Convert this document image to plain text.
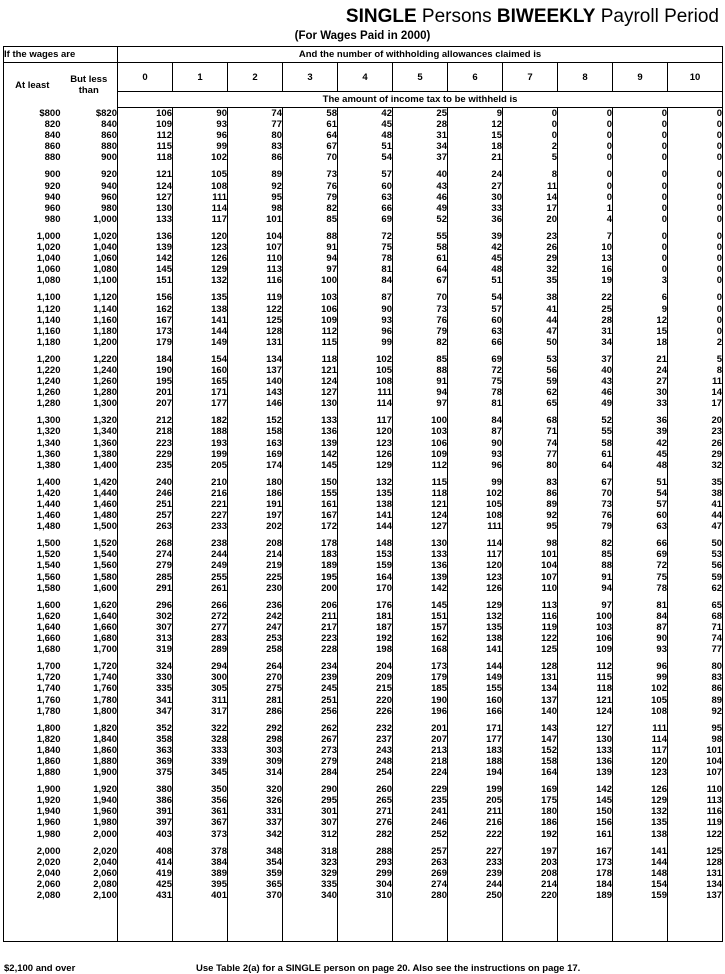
SINGLE Persons BIWEEKLY Payroll Period
(For Wages Paid in 2000)
If the wages are		And the number of withholding allowances claimed is										
At least	But less
than	0	1	2	3	4	5	6	7	8	9	10
		The amount of income tax to be withheld is										
$800	$820	106	90	74	58	42	25	9	0	0	0	0
820	840	109	93	77	61	45	28	12	0	0	0	0
840	860	112	96	80	64	48	31	15	0	0	0	0
860	880	115	99	83	67	51	34	18	2	0	0	0
880	900	118	102	86	70	54	37	21	5	0	0	0

900	920	121	105	89	73	57	40	24	8	0	0	0
920	940	124	108	92	76	60	43	27	11	0	0	0
940	960	127	111	95	79	63	46	30	14	0	0	0
960	980	130	114	98	82	66	49	33	17	1	0	0
980	1,000	133	117	101	85	69	52	36	20	4	0	0

1,000	1,020	136	120	104	88	72	55	39	23	7	0	0
1,020	1,040	139	123	107	91	75	58	42	26	10	0	0
1,040	1,060	142	126	110	94	78	61	45	29	13	0	0
1,060	1,080	145	129	113	97	81	64	48	32	16	0	0
1,080	1,100	151	132	116	100	84	67	51	35	19	3	0

1,100	1,120	156	135	119	103	87	70	54	38	22	6	0
1,120	1,140	162	138	122	106	90	73	57	41	25	9	0
1,140	1,160	167	141	125	109	93	76	60	44	28	12	0
1,160	1,180	173	144	128	112	96	79	63	47	31	15	0
1,180	1,200	179	149	131	115	99	82	66	50	34	18	2

1,200	1,220	184	154	134	118	102	85	69	53	37	21	5
1,220	1,240	190	160	137	121	105	88	72	56	40	24	8
1,240	1,260	195	165	140	124	108	91	75	59	43	27	11
1,260	1,280	201	171	143	127	111	94	78	62	46	30	14
1,280	1,300	207	177	146	130	114	97	81	65	49	33	17

1,300	1,320	212	182	152	133	117	100	84	68	52	36	20
1,320	1,340	218	188	158	136	120	103	87	71	55	39	23
1,340	1,360	223	193	163	139	123	106	90	74	58	42	26
1,360	1,380	229	199	169	142	126	109	93	77	61	45	29
1,380	1,400	235	205	174	145	129	112	96	80	64	48	32

1,400	1,420	240	210	180	150	132	115	99	83	67	51	35
1,420	1,440	246	216	186	155	135	118	102	86	70	54	38
1,440	1,460	251	221	191	161	138	121	105	89	73	57	41
1,460	1,480	257	227	197	167	141	124	108	92	76	60	44
1,480	1,500	263	233	202	172	144	127	111	95	79	63	47

1,500	1,520	268	238	208	178	148	130	114	98	82	66	50
1,520	1,540	274	244	214	183	153	133	117	101	85	69	53
1,540	1,560	279	249	219	189	159	136	120	104	88	72	56
1,560	1,580	285	255	225	195	164	139	123	107	91	75	59
1,580	1,600	291	261	230	200	170	142	126	110	94	78	62

1,600	1,620	296	266	236	206	176	145	129	113	97	81	65
1,620	1,640	302	272	242	211	181	151	132	116	100	84	68
1,640	1,660	307	277	247	217	187	157	135	119	103	87	71
1,660	1,680	313	283	253	223	192	162	138	122	106	90	74
1,680	1,700	319	289	258	228	198	168	141	125	109	93	77

1,700	1,720	324	294	264	234	204	173	144	128	112	96	80
1,720	1,740	330	300	270	239	209	179	149	131	115	99	83
1,740	1,760	335	305	275	245	215	185	155	134	118	102	86
1,760	1,780	341	311	281	251	220	190	160	137	121	105	89
1,780	1,800	347	317	286	256	226	196	166	140	124	108	92

1,800	1,820	352	322	292	262	232	201	171	143	127	111	95
1,820	1,840	358	328	298	267	237	207	177	147	130	114	98
1,840	1,860	363	333	303	273	243	213	183	152	133	117	101
1,860	1,880	369	339	309	279	248	218	188	158	136	120	104
1,880	1,900	375	345	314	284	254	224	194	164	139	123	107

1,900	1,920	380	350	320	290	260	229	199	169	142	126	110
1,920	1,940	386	356	326	295	265	235	205	175	145	129	113
1,940	1,960	391	361	331	301	271	241	211	180	150	132	116
1,960	1,980	397	367	337	307	276	246	216	186	156	135	119
1,980	2,000	403	373	342	312	282	252	222	192	161	138	122

2,000	2,020	408	378	348	318	288	257	227	197	167	141	125
2,020	2,040	414	384	354	323	293	263	233	203	173	144	128
2,040	2,060	419	389	359	329	299	269	239	208	178	148	131
2,060	2,080	425	395	365	335	304	274	244	214	184	154	134
2,080	2,100	431	401	370	340	310	280	250	220	189	159	137

$2,100 and over	Use Table 2(a) for a SINGLE person on page 20. Also see the instructions on page 17.
